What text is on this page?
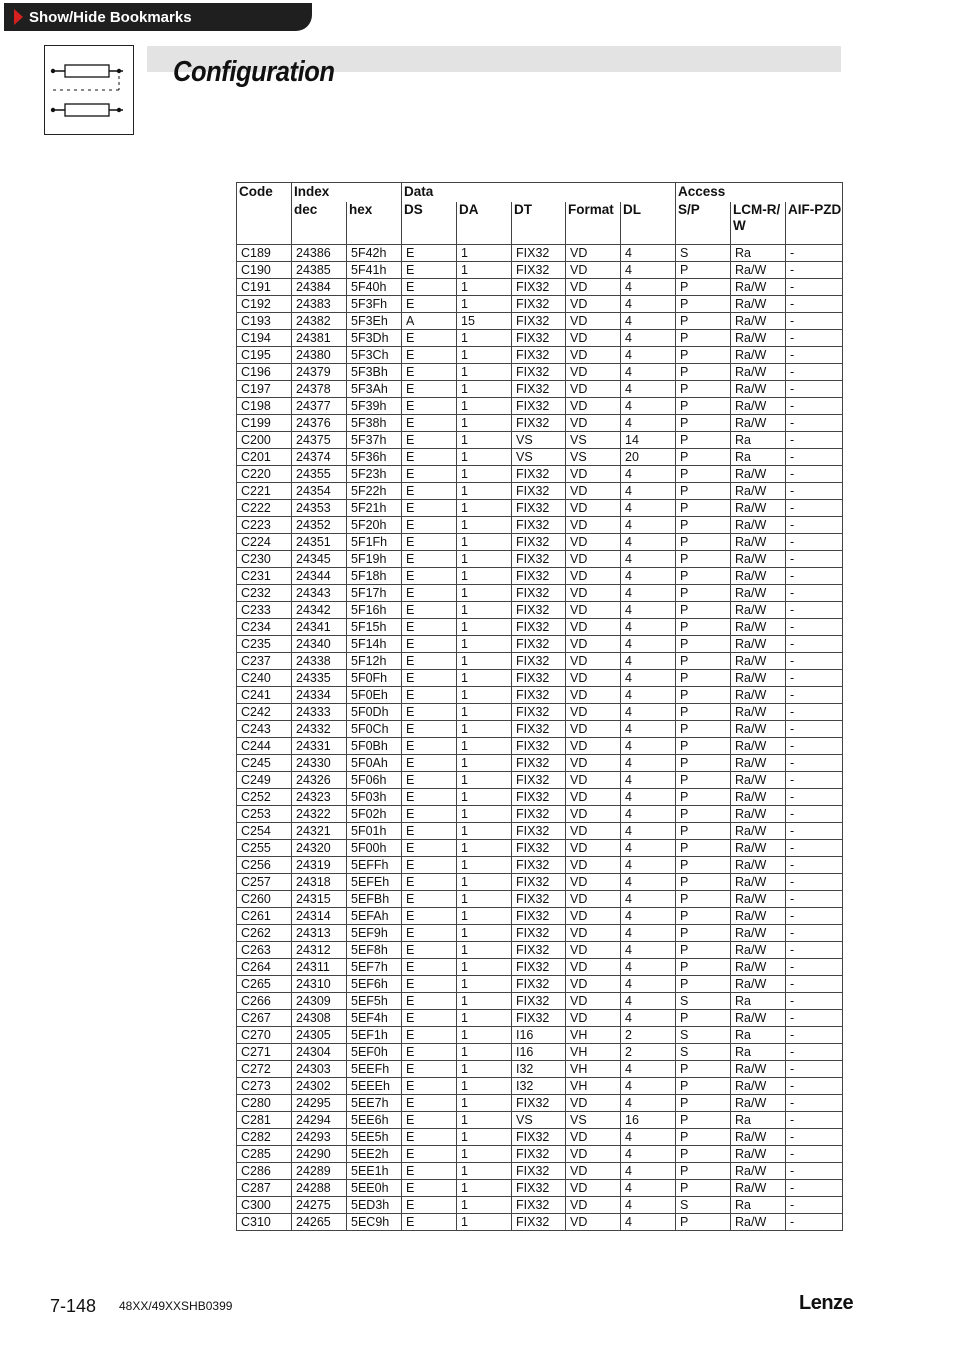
Show/Hide Bookmarks
Configuration
Code	Index		Data					Access		
	dec	hex	DS	DA	DT	Format	DL	S/P	LCM-R/ W	AIF-PZD
C189	24386	5F42h	E	1	FIX32	VD	4	S	Ra	-
C190	24385	5F41h	E	1	FIX32	VD	4	P	Ra/W	-
C191	24384	5F40h	E	1	FIX32	VD	4	P	Ra/W	-
C192	24383	5F3Fh	E	1	FIX32	VD	4	P	Ra/W	-
C193	24382	5F3Eh	A	15	FIX32	VD	4	P	Ra/W	-
C194	24381	5F3Dh	E	1	FIX32	VD	4	P	Ra/W	-
C195	24380	5F3Ch	E	1	FIX32	VD	4	P	Ra/W	-
C196	24379	5F3Bh	E	1	FIX32	VD	4	P	Ra/W	-
C197	24378	5F3Ah	E	1	FIX32	VD	4	P	Ra/W	-
C198	24377	5F39h	E	1	FIX32	VD	4	P	Ra/W	-
C199	24376	5F38h	E	1	FIX32	VD	4	P	Ra/W	-
C200	24375	5F37h	E	1	VS	VS	14	P	Ra	-
C201	24374	5F36h	E	1	VS	VS	20	P	Ra	-
C220	24355	5F23h	E	1	FIX32	VD	4	P	Ra/W	-
C221	24354	5F22h	E	1	FIX32	VD	4	P	Ra/W	-
C222	24353	5F21h	E	1	FIX32	VD	4	P	Ra/W	-
C223	24352	5F20h	E	1	FIX32	VD	4	P	Ra/W	-
C224	24351	5F1Fh	E	1	FIX32	VD	4	P	Ra/W	-
C230	24345	5F19h	E	1	FIX32	VD	4	P	Ra/W	-
C231	24344	5F18h	E	1	FIX32	VD	4	P	Ra/W	-
C232	24343	5F17h	E	1	FIX32	VD	4	P	Ra/W	-
C233	24342	5F16h	E	1	FIX32	VD	4	P	Ra/W	-
C234	24341	5F15h	E	1	FIX32	VD	4	P	Ra/W	-
C235	24340	5F14h	E	1	FIX32	VD	4	P	Ra/W	-
C237	24338	5F12h	E	1	FIX32	VD	4	P	Ra/W	-
C240	24335	5F0Fh	E	1	FIX32	VD	4	P	Ra/W	-
C241	24334	5F0Eh	E	1	FIX32	VD	4	P	Ra/W	-
C242	24333	5F0Dh	E	1	FIX32	VD	4	P	Ra/W	-
C243	24332	5F0Ch	E	1	FIX32	VD	4	P	Ra/W	-
C244	24331	5F0Bh	E	1	FIX32	VD	4	P	Ra/W	-
C245	24330	5F0Ah	E	1	FIX32	VD	4	P	Ra/W	-
C249	24326	5F06h	E	1	FIX32	VD	4	P	Ra/W	-
C252	24323	5F03h	E	1	FIX32	VD	4	P	Ra/W	-
C253	24322	5F02h	E	1	FIX32	VD	4	P	Ra/W	-
C254	24321	5F01h	E	1	FIX32	VD	4	P	Ra/W	-
C255	24320	5F00h	E	1	FIX32	VD	4	P	Ra/W	-
C256	24319	5EFFh	E	1	FIX32	VD	4	P	Ra/W	-
C257	24318	5EFEh	E	1	FIX32	VD	4	P	Ra/W	-
C260	24315	5EFBh	E	1	FIX32	VD	4	P	Ra/W	-
C261	24314	5EFAh	E	1	FIX32	VD	4	P	Ra/W	-
C262	24313	5EF9h	E	1	FIX32	VD	4	P	Ra/W	-
C263	24312	5EF8h	E	1	FIX32	VD	4	P	Ra/W	-
C264	24311	5EF7h	E	1	FIX32	VD	4	P	Ra/W	-
C265	24310	5EF6h	E	1	FIX32	VD	4	P	Ra/W	-
C266	24309	5EF5h	E	1	FIX32	VD	4	S	Ra	-
C267	24308	5EF4h	E	1	FIX32	VD	4	P	Ra/W	-
C270	24305	5EF1h	E	1	I16	VH	2	S	Ra	-
C271	24304	5EF0h	E	1	I16	VH	2	S	Ra	-
C272	24303	5EEFh	E	1	I32	VH	4	P	Ra/W	-
C273	24302	5EEEh	E	1	I32	VH	4	P	Ra/W	-
C280	24295	5EE7h	E	1	FIX32	VD	4	P	Ra/W	-
C281	24294	5EE6h	E	1	VS	VS	16	P	Ra	-
C282	24293	5EE5h	E	1	FIX32	VD	4	P	Ra/W	-
C285	24290	5EE2h	E	1	FIX32	VD	4	P	Ra/W	-
C286	24289	5EE1h	E	1	FIX32	VD	4	P	Ra/W	-
C287	24288	5EE0h	E	1	FIX32	VD	4	P	Ra/W	-
C300	24275	5ED3h	E	1	FIX32	VD	4	S	Ra	-
C310	24265	5EC9h	E	1	FIX32	VD	4	P	Ra/W	-
7-148 48XX/49XXSHB0399	Lenze
